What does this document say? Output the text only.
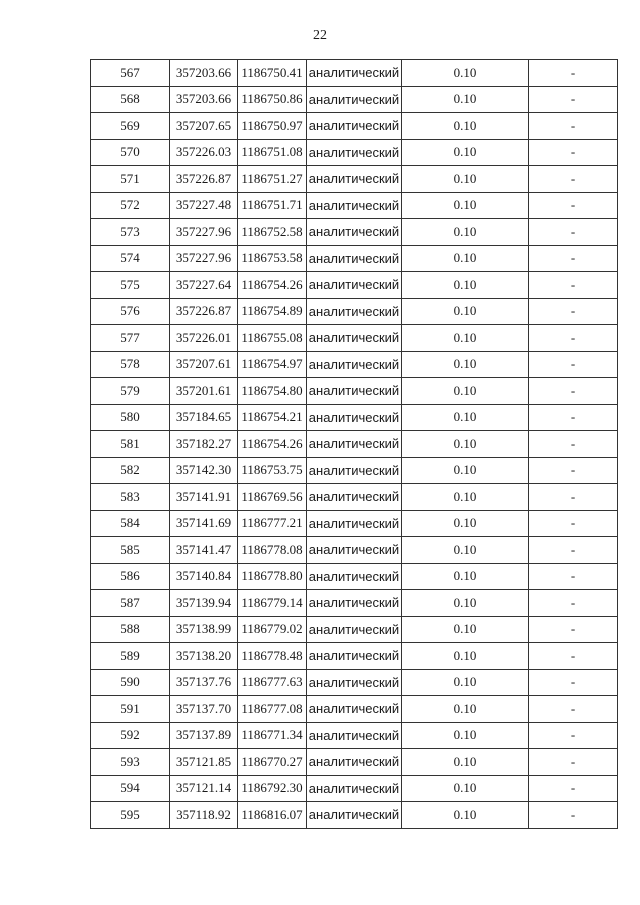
22
567	357203.66	1186750.41	аналитический	0.10	-
568	357203.66	1186750.86	аналитический	0.10	-
569	357207.65	1186750.97	аналитический	0.10	-
570	357226.03	1186751.08	аналитический	0.10	-
571	357226.87	1186751.27	аналитический	0.10	-
572	357227.48	1186751.71	аналитический	0.10	-
573	357227.96	1186752.58	аналитический	0.10	-
574	357227.96	1186753.58	аналитический	0.10	-
575	357227.64	1186754.26	аналитический	0.10	-
576	357226.87	1186754.89	аналитический	0.10	-
577	357226.01	1186755.08	аналитический	0.10	-
578	357207.61	1186754.97	аналитический	0.10	-
579	357201.61	1186754.80	аналитический	0.10	-
580	357184.65	1186754.21	аналитический	0.10	-
581	357182.27	1186754.26	аналитический	0.10	-
582	357142.30	1186753.75	аналитический	0.10	-
583	357141.91	1186769.56	аналитический	0.10	-
584	357141.69	1186777.21	аналитический	0.10	-
585	357141.47	1186778.08	аналитический	0.10	-
586	357140.84	1186778.80	аналитический	0.10	-
587	357139.94	1186779.14	аналитический	0.10	-
588	357138.99	1186779.02	аналитический	0.10	-
589	357138.20	1186778.48	аналитический	0.10	-
590	357137.76	1186777.63	аналитический	0.10	-
591	357137.70	1186777.08	аналитический	0.10	-
592	357137.89	1186771.34	аналитический	0.10	-
593	357121.85	1186770.27	аналитический	0.10	-
594	357121.14	1186792.30	аналитический	0.10	-
595	357118.92	1186816.07	аналитический	0.10	-
